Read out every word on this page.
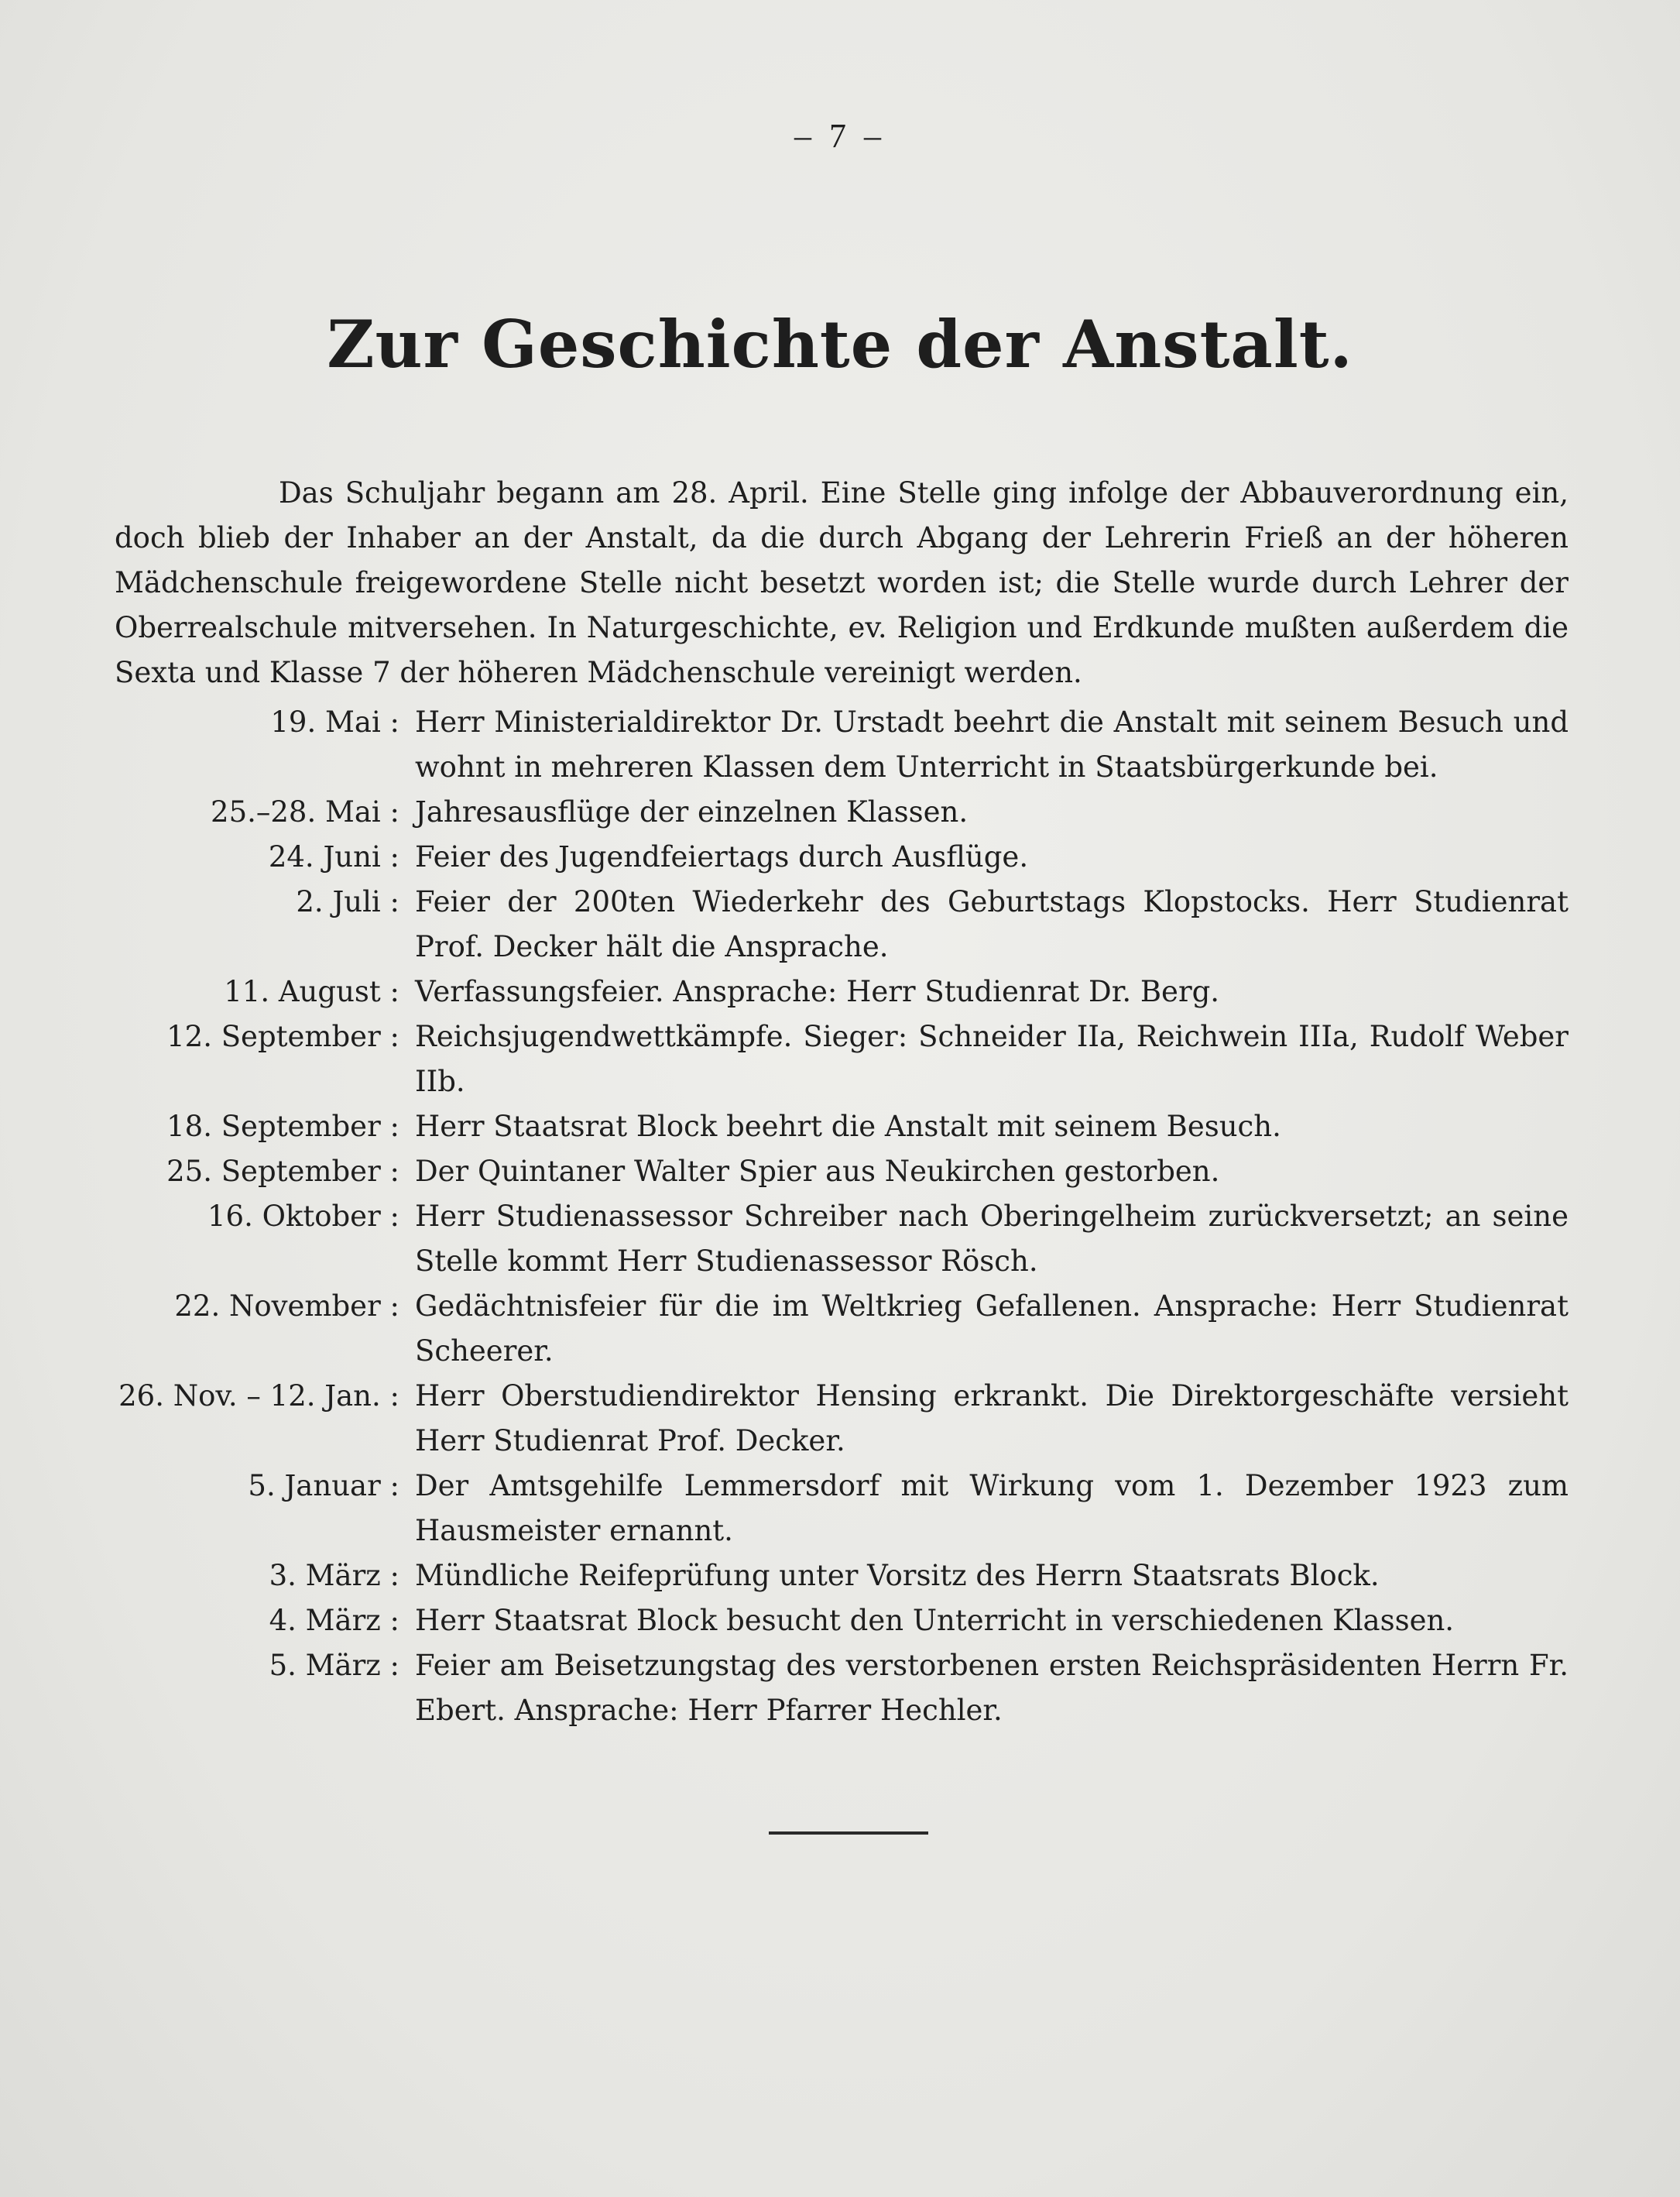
– 7 –
Zur Geschichte der Anstalt.
Das Schuljahr begann am 28. April. Eine Stelle ging infolge der Abbauverordnung ein, doch blieb der Inhaber an der Anstalt, da die durch Abgang der Lehrerin Frieß an der höheren Mädchenschule freigewordene Stelle nicht besetzt worden ist; die Stelle wurde durch Lehrer der Oberrealschule mitversehen. In Naturgeschichte, ev. Religion und Erdkunde mußten außerdem die Sexta und Klasse 7 der höheren Mädchenschule vereinigt werden.
19. Mai : Herr Ministerialdirektor Dr. Urstadt beehrt die Anstalt mit seinem Besuch und wohnt in mehreren Klassen dem Unterricht in Staatsbürgerkunde bei.
25.–28. Mai : Jahresausflüge der einzelnen Klassen.
24. Juni : Feier des Jugendfeiertags durch Ausflüge.
2. Juli : Feier der 200ten Wiederkehr des Geburtstags Klopstocks. Herr Studienrat Prof. Decker hält die Ansprache.
11. August : Verfassungsfeier. Ansprache: Herr Studienrat Dr. Berg.
12. September : Reichsjugendwettkämpfe. Sieger: Schneider IIa, Reichwein IIIa, Rudolf Weber IIb.
18. September : Herr Staatsrat Block beehrt die Anstalt mit seinem Besuch.
25. September : Der Quintaner Walter Spier aus Neukirchen gestorben.
16. Oktober : Herr Studienassessor Schreiber nach Oberingelheim zurückversetzt; an seine Stelle kommt Herr Studienassessor Rösch.
22. November : Gedächtnisfeier für die im Weltkrieg Gefallenen. Ansprache: Herr Studienrat Scheerer.
26. Nov. – 12. Jan. : Herr Oberstudiendirektor Hensing erkrankt. Die Direktorgeschäfte versieht Herr Studienrat Prof. Decker.
5. Januar : Der Amtsgehilfe Lemmersdorf mit Wirkung vom 1. Dezember 1923 zum Hausmeister ernannt.
3. März : Mündliche Reifeprüfung unter Vorsitz des Herrn Staatsrats Block.
4. März : Herr Staatsrat Block besucht den Unterricht in verschiedenen Klassen.
5. März : Feier am Beisetzungstag des verstorbenen ersten Reichspräsidenten Herrn Fr. Ebert. Ansprache: Herr Pfarrer Hechler.
